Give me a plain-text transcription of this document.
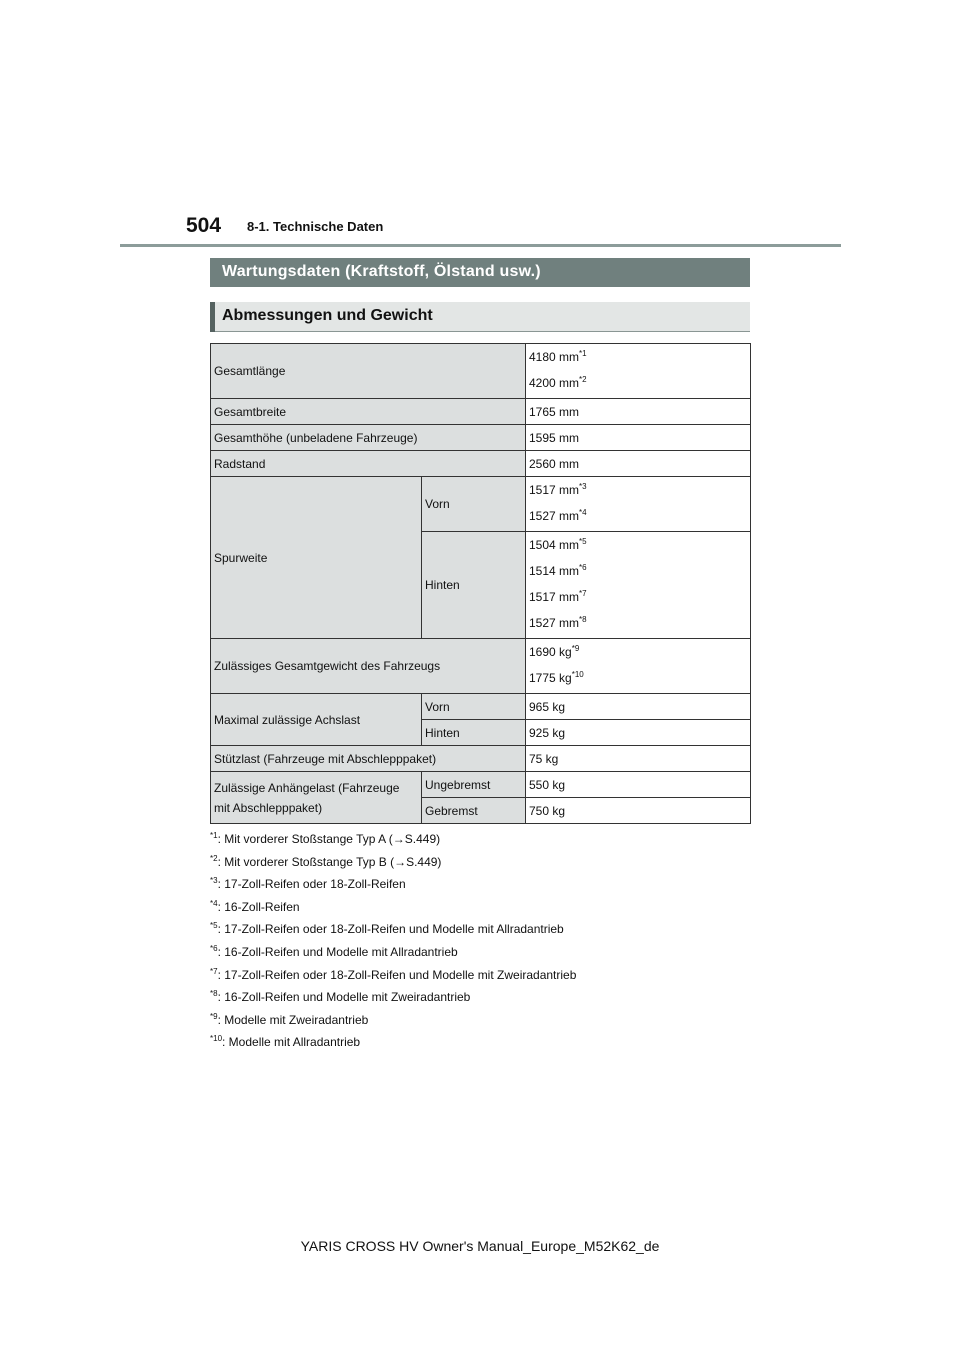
504 8-1. Technische Daten
Wartungsdaten (Kraftstoff, Ölstand usw.)
Abmessungen und Gewicht
Gesamtlänge		4180 $mm^{*1}$
4200 $mm^{*2}$

Gesamtbreite		1765 mm
Gesamthöhe (unbeladene Fahrzeuge)		1595 mm
Radstand		2560 mm
Spurweite	Vorn	1517 $mm^{*3}$
1527 $mm^{*4}$

	Hinten	1504 $mm^{*5}$
1514 $mm^{*6}$
1517 $mm^{*7}$
1527 $mm^{*8}$

Zulässiges Gesamtgewicht des Fahrzeugs		1690 $kg^{*9}$
1775 $kg^{*10}$

Maximal zulässige Achslast	Vorn	965 kg
	Hinten	925 kg
Stützlast (Fahrzeuge mit Abschlepppaket)		75 kg
Zulässige Anhängelast (Fahrzeuge mit Abschlepppaket)	Ungebremst	550 kg
	Gebremst	750 kg
$^{*1}$: Mit vorderer Stoßstange Typ A (→S.449)
$^{*2}$: Mit vorderer Stoßstange Typ B (→S.449)
$^{*3}$: 17-Zoll-Reifen oder 18-Zoll-Reifen
$^{*4}$: 16-Zoll-Reifen
$^{*5}$: 17-Zoll-Reifen oder 18-Zoll-Reifen und Modelle mit Allradantrieb
$^{*6}$: 16-Zoll-Reifen und Modelle mit Allradantrieb
$^{*7}$: 17-Zoll-Reifen oder 18-Zoll-Reifen und Modelle mit Zweiradantrieb
$^{*8}$: 16-Zoll-Reifen und Modelle mit Zweiradantrieb
$^{*9}$: Modelle mit Zweiradantrieb
$^{*10}$: Modelle mit Allradantrieb
YARIS CROSS HV Owner's Manual_Europe_M52K62_de
